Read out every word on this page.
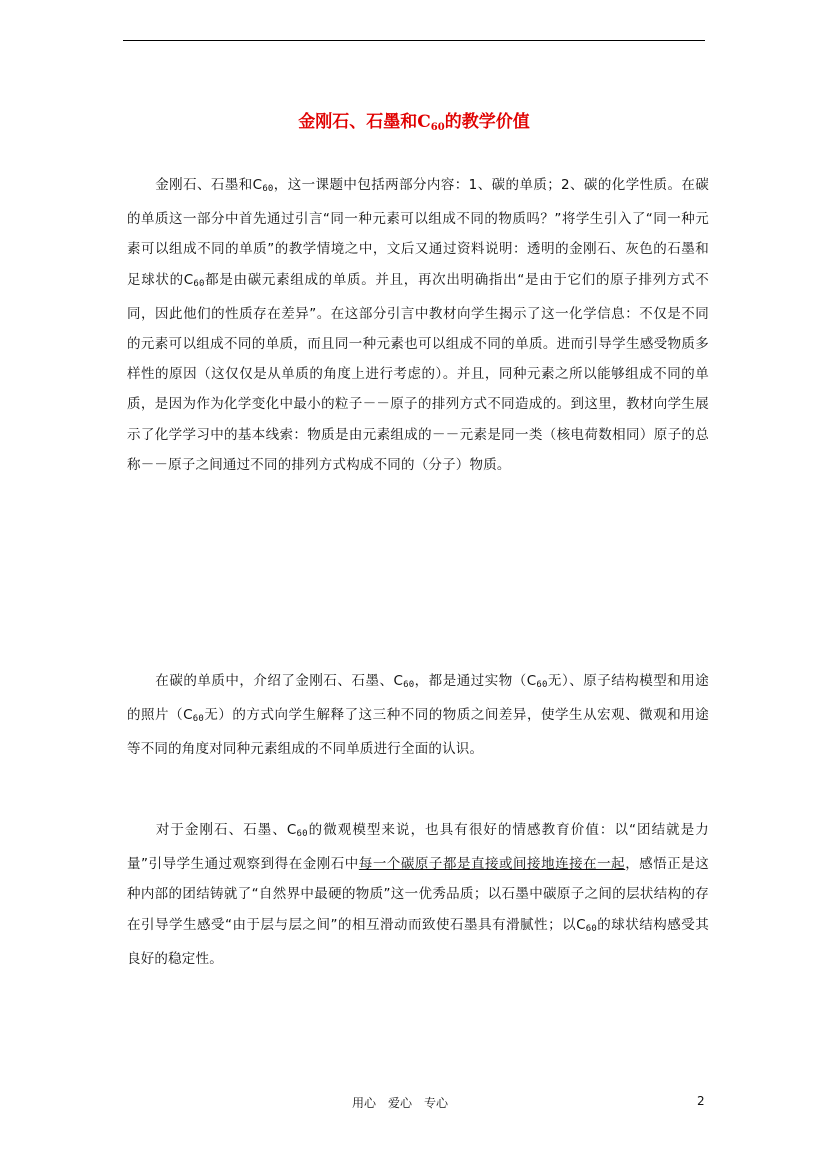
金刚石、石墨和$C_{60}$的教学价值
金刚石、石墨和$C_{60}$，这一课题中包括两部分内容：1、碳的单质；2、碳的化学性质。在碳的单质这一部分中首先通过引言“同一种元素可以组成不同的物质吗？”将学生引入了“同一种元素可以组成不同的单质”的教学情境之中，文后又通过资料说明：透明的金刚石、灰色的石墨和足球状的$C_{60}$都是由碳元素组成的单质。并且，再次出明确指出“是由于它们的原子排列方式不同，因此他们的性质存在差异”。在这部分引言中教材向学生揭示了这一化学信息：不仅是不同的元素可以组成不同的单质，而且同一种元素也可以组成不同的单质。进而引导学生感受物质多样性的原因（这仅仅是从单质的角度上进行考虑的）。并且，同种元素之所以能够组成不同的单质，是因为作为化学变化中最小的粒子－－原子的排列方式不同造成的。到这里，教材向学生展示了化学学习中的基本线索：物质是由元素组成的－－元素是同一类（核电荷数相同）原子的总称－－原子之间通过不同的排列方式构成不同的（分子）物质。
在碳的单质中，介绍了金刚石、石墨、$C_{60}$，都是通过实物（$C_{60}$无）、原子结构模型和用途的照片（$C_{60}$无）的方式向学生解释了这三种不同的物质之间差异，使学生从宏观、微观和用途等不同的角度对同种元素组成的不同单质进行全面的认识。
对于金刚石、石墨、$C_{60}$的微观模型来说，也具有很好的情感教育价值：以“团结就是力量”引导学生通过观察到得在金刚石中每一个碳原子都是直接或间接地连接在一起，感悟正是这种内部的团结铸就了“自然界中最硬的物质”这一优秀品质；以石墨中碳原子之间的层状结构的存在引导学生感受“由于层与层之间”的相互滑动而致使石墨具有滑腻性；以$C_{60}$的球状结构感受其良好的稳定性。
用心　爱心　专心	2
